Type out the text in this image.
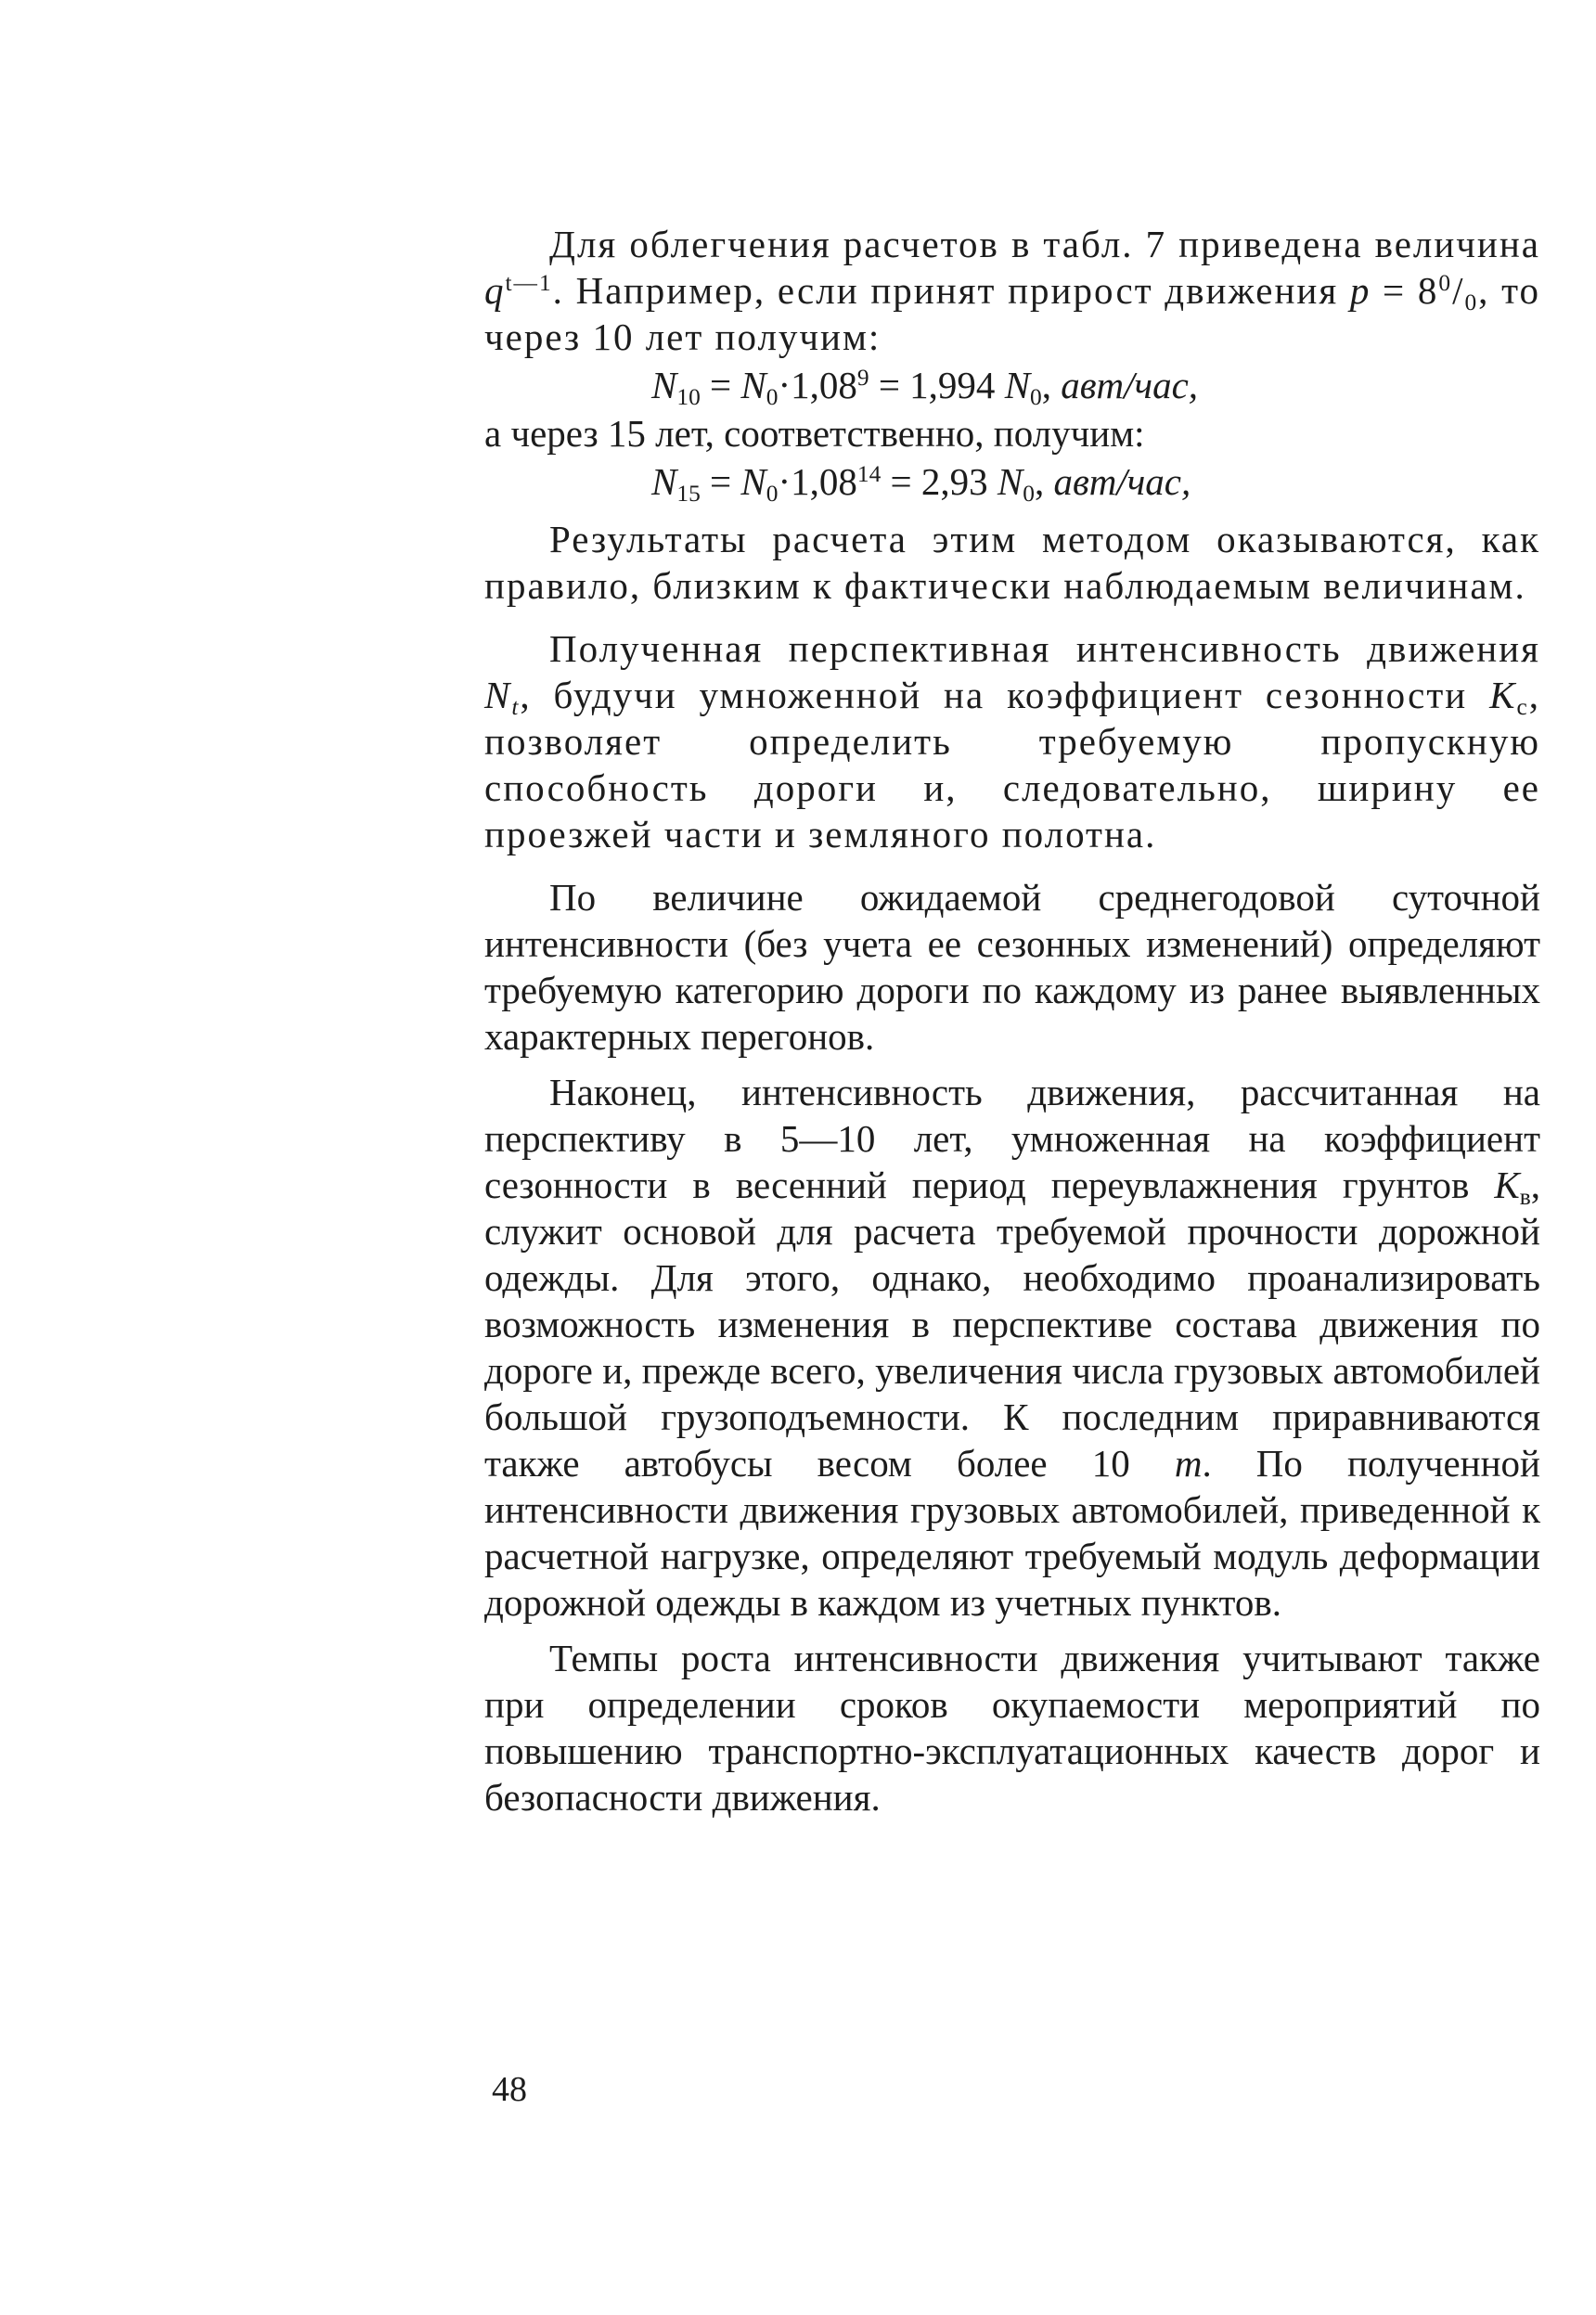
Для облегчения расчетов в табл. 7 приведена величина $q^{t—1}$. Например, если принят прирост движения $p = 8^0/_0$, то через 10 лет получим:

$N_{10} = N_0\cdot 1,08^9 = 1,994$ $N_0$, авт/час,
а через 15 лет, соответственно, получим:
$N_{15} = N_0\cdot 1,08^{14} = 2,93$ $N_0$, авт/час,

Результаты расчета этим методом оказываются, как правило, близким к фактически наблюдаемым величинам.

Полученная перспективная интенсивность движения $N_t$, будучи умноженной на коэффициент сезонности $K_c$, позволяет определить требуемую пропускную способность дороги и, следовательно, ширину ее проезжей части и земляного полотна.

По величине ожидаемой среднегодовой суточной интенсивности (без учета ее сезонных изменений) определяют требуемую категорию дороги по каждому из ранее выявленных характерных перегонов.

Наконец, интенсивность движения, рассчитанная на перспективу в 5—10 лет, умноженная на коэффициент сезонности в весенний период переувлажнения грунтов $K_в$, служит основой для расчета требуемой прочности дорожной одежды. Для этого, однако, необходимо проанализировать возможность изменения в перспективе состава движения по дороге и, прежде всего, увеличения числа грузовых автомобилей большой грузоподъемности. К последним приравниваются также автобусы весом более 10 т. По полученной интенсивности движения грузовых автомобилей, приведенной к расчетной нагрузке, определяют требуемый модуль деформации дорожной одежды в каждом из учетных пунктов.

Темпы роста интенсивности движения учитывают также при определении сроков окупаемости мероприятий по повышению транспортно-эксплуатационных качеств дорог и безопасности движения.

48
